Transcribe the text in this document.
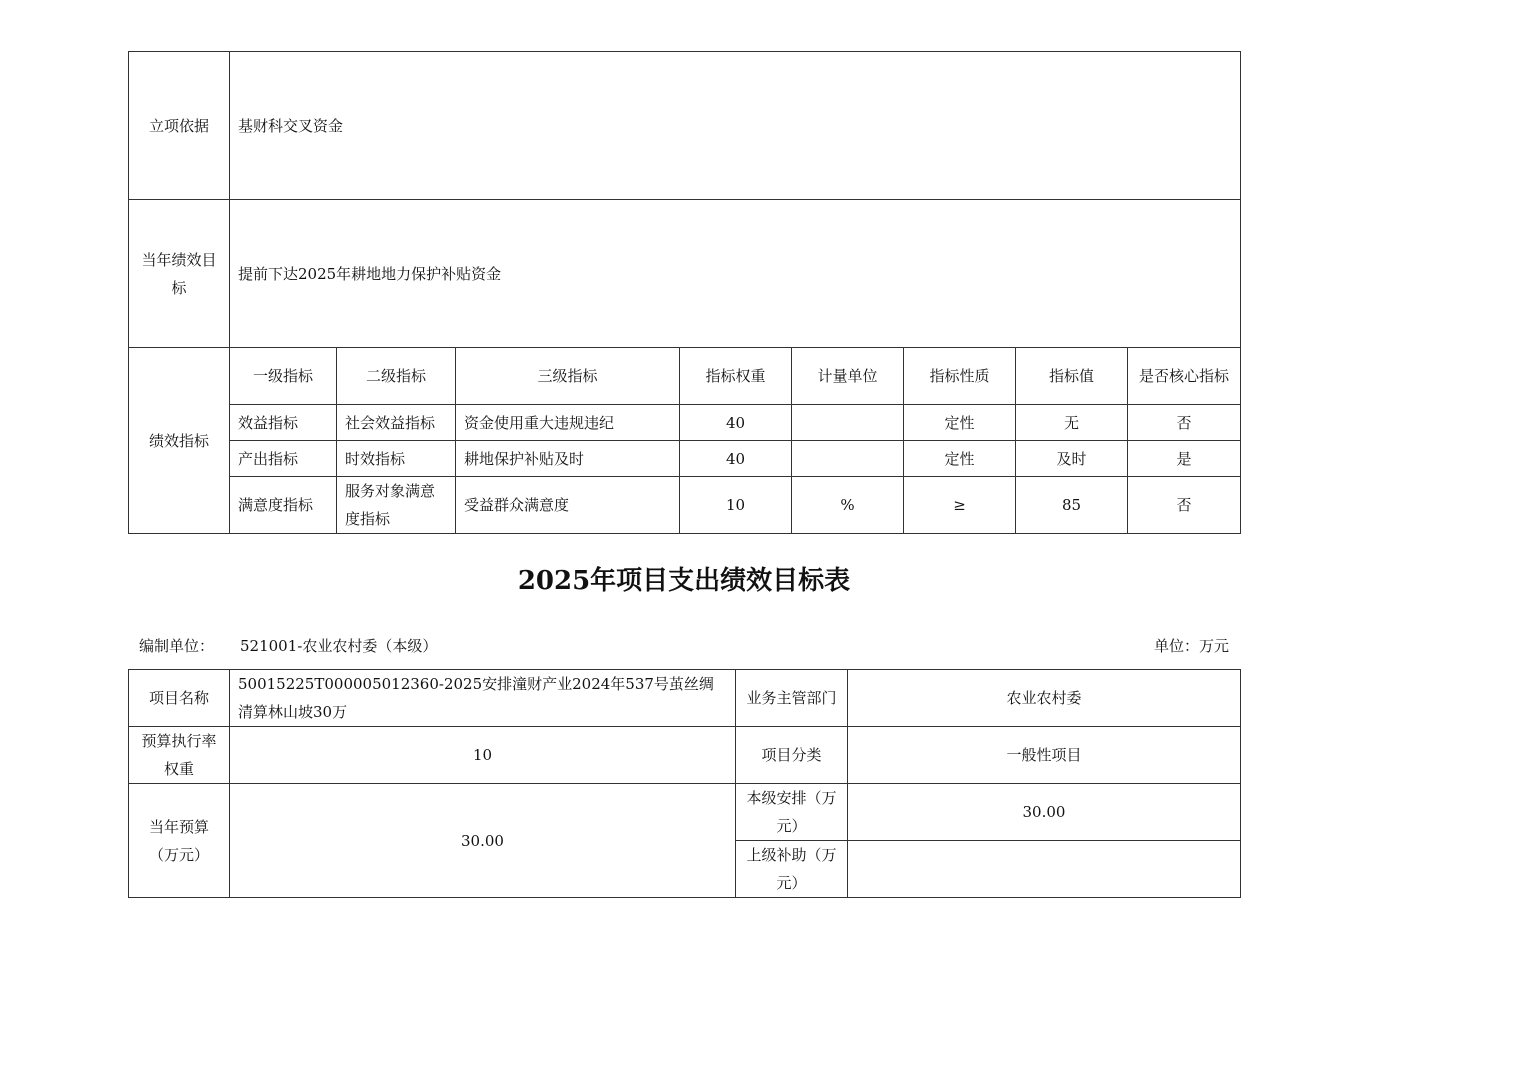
立项依据	基财科交叉资金							
当年绩效目标	提前下达2025年耕地地力保护补贴资金							
绩效指标	一级指标	二级指标	三级指标	指标权重	计量单位	指标性质	指标值	是否核心指标
	效益指标	社会效益指标	资金使用重大违规违纪	40		定性	无	否
	产出指标	时效指标	耕地保护补贴及时	40		定性	及时	是
	满意度指标	服务对象满意度指标	受益群众满意度	10	%	≥	85	否
2025年项目支出绩效目标表
编制单位： 521001-农业农村委（本级）	单位：万元
项目名称	50015225T000005012360-2025安排潼财产业2024年537号茧丝绸清算林山坡30万	业务主管部门	农业农村委
预算执行率权重	10	项目分类	一般性项目
当年预算（万元）	30.00	本级安排（万元）	30.00
		上级补助（万元）	
